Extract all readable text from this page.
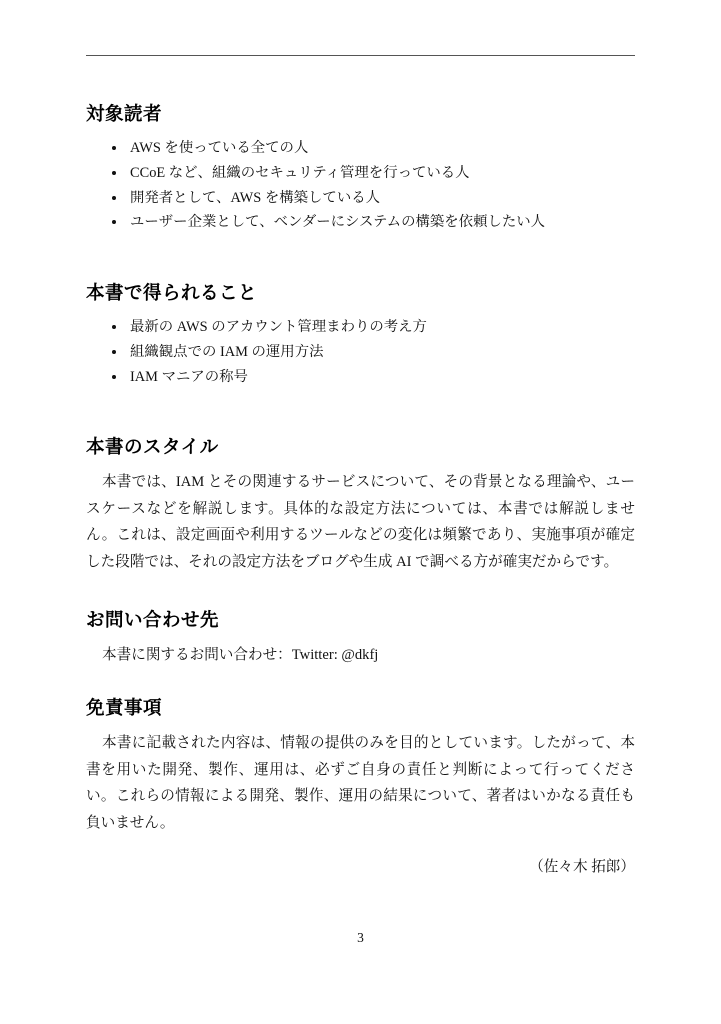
対象読者
AWS を使っている全ての人
CCoE など、組織のセキュリティ管理を行っている人
開発者として、AWS を構築している人
ユーザー企業として、ベンダーにシステムの構築を依頼したい人
本書で得られること
最新の AWS のアカウント管理まわりの考え方
組織観点での IAM の運用方法
IAM マニアの称号
本書のスタイル

本書では、IAM とその関連するサービスについて、その背景となる理論や、ユースケースなどを解説します。具体的な設定方法については、本書では解説しません。これは、設定画面や利用するツールなどの変化は頻繁であり、実施事項が確定した段階では、それの設定方法をブログや生成 AI で調べる方が確実だからです。

お問い合わせ先

本書に関するお問い合わせ：Twitter: @dkfj

免責事項

本書に記載された内容は、情報の提供のみを目的としています。したがって、本書を用いた開発、製作、運用は、必ずご自身の責任と判断によって行ってください。これらの情報による開発、製作、運用の結果について、著者はいかなる責任も負いません。

（佐々木 拓郎）

3
